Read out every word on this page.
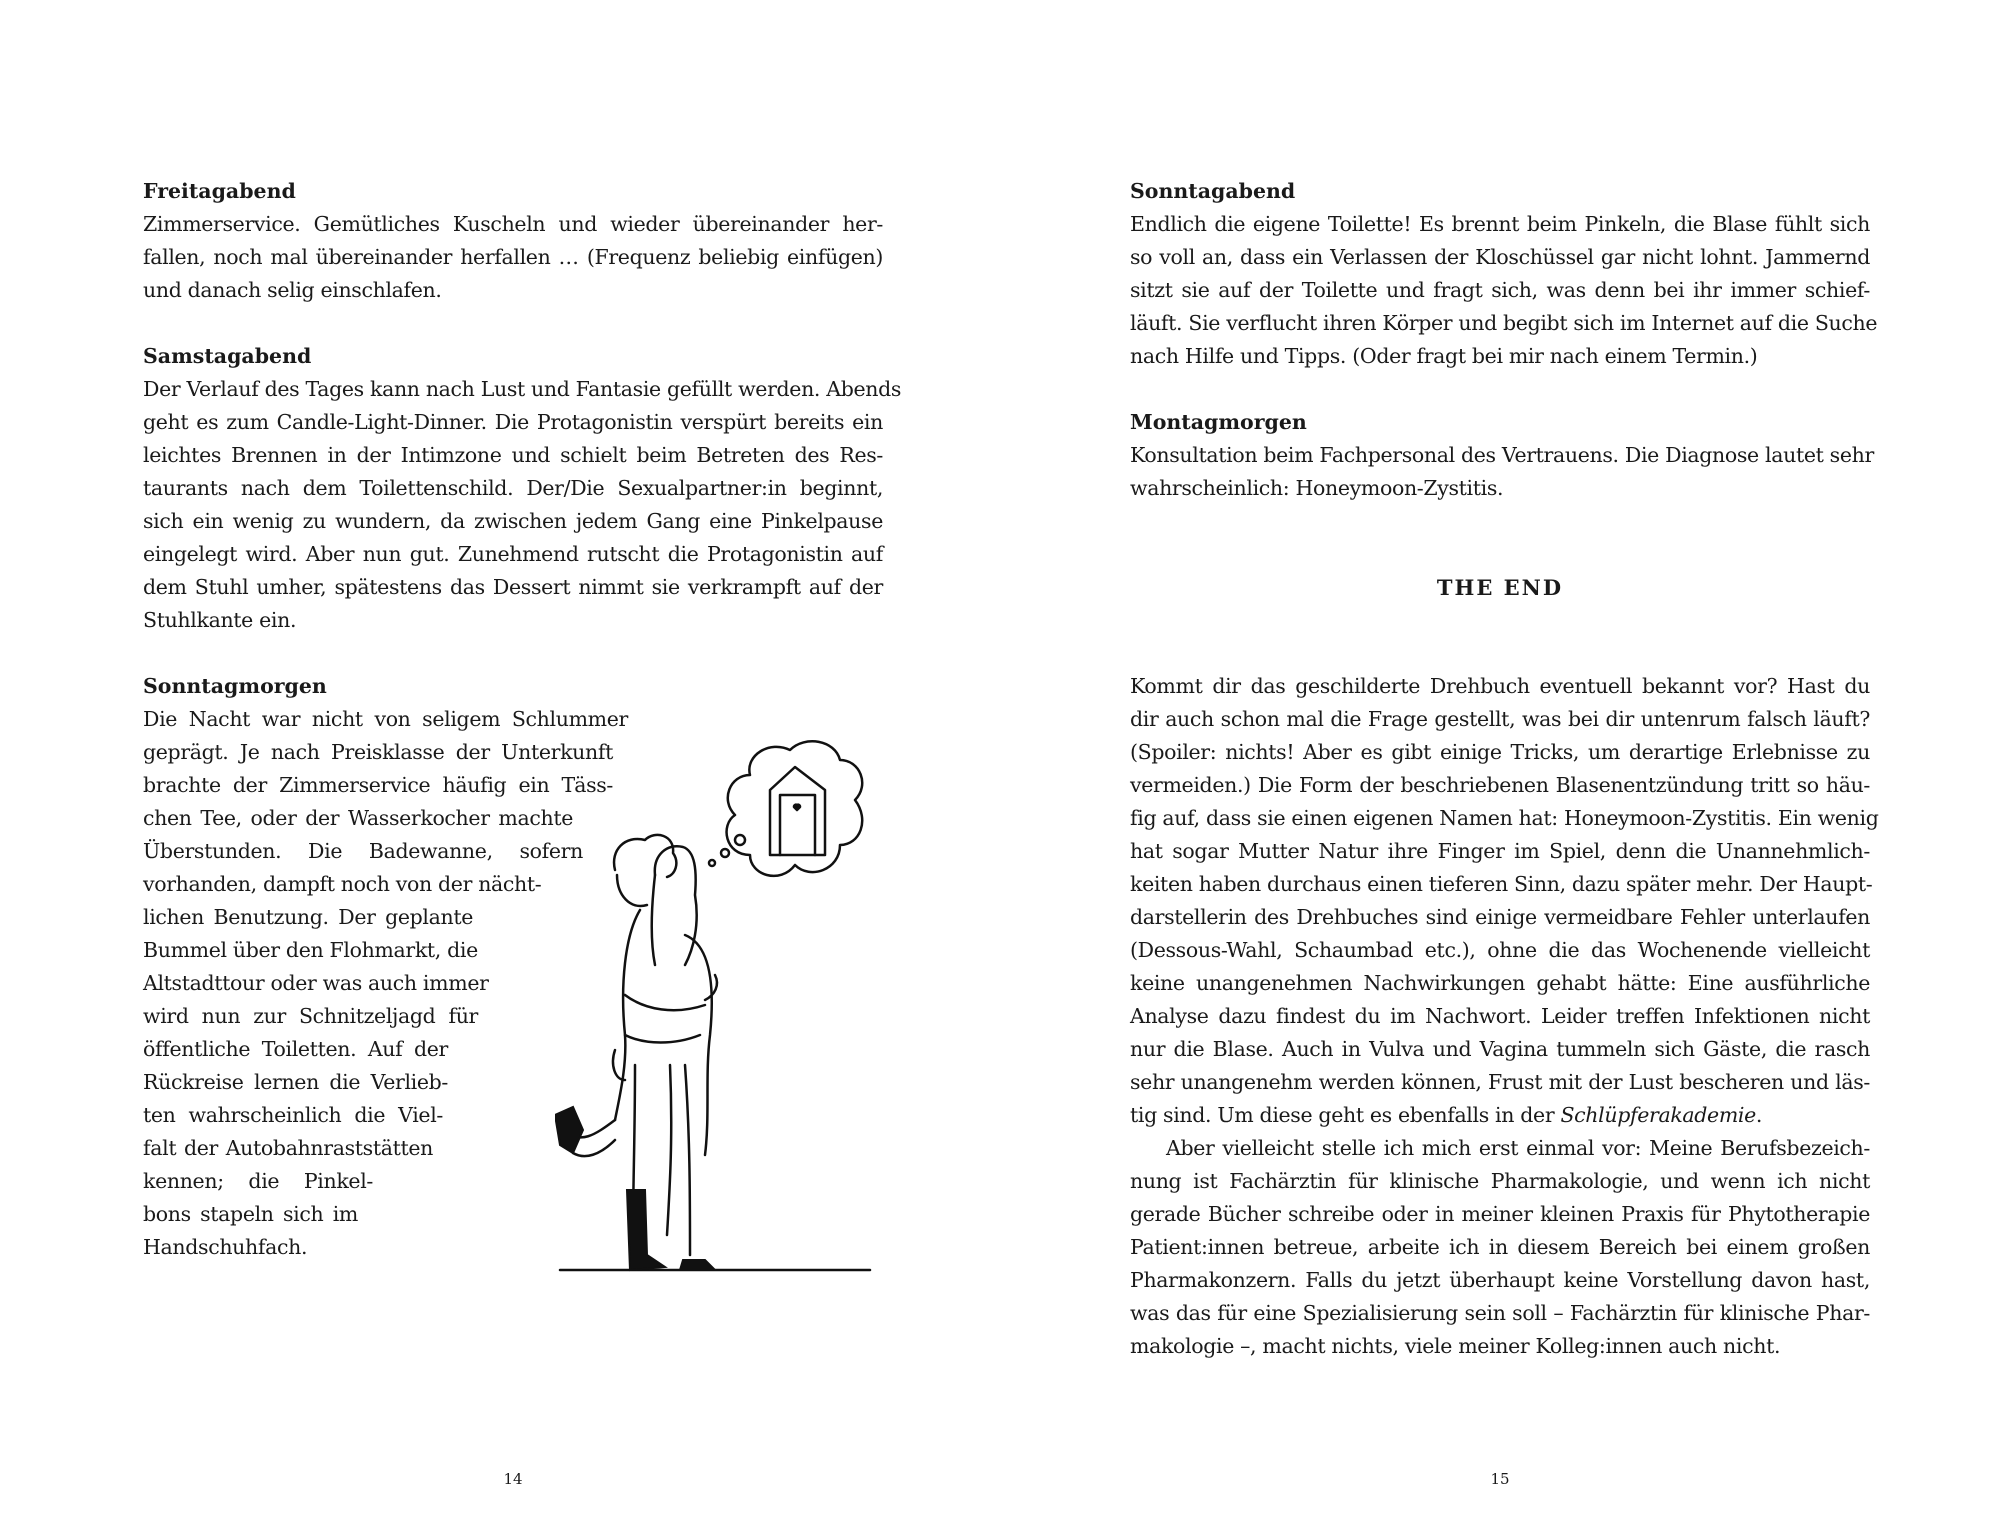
Freitagabend
Zimmerservice. Gemütliches Kuscheln und wieder übereinander her-
fallen, noch mal übereinander herfallen … (Frequenz beliebig einfügen)
und danach selig einschlafen.
Samstagabend
Der Verlauf des Tages kann nach Lust und Fantasie gefüllt werden. Abends
geht es zum Candle-Light-Dinner. Die Protagonistin verspürt bereits ein
leichtes Brennen in der Intimzone und schielt beim Betreten des Res-
taurants nach dem Toilettenschild. Der/Die Sexualpartner:in beginnt,
sich ein wenig zu wundern, da zwischen jedem Gang eine Pinkelpause
eingelegt wird. Aber nun gut. Zunehmend rutscht die Protagonistin auf
dem Stuhl umher, spätestens das Dessert nimmt sie verkrampft auf der
Stuhlkante ein.
Sonntagmorgen
Die Nacht war nicht von seligem Schlummer
geprägt. Je nach Preisklasse der Unterkunft
brachte der Zimmerservice häufig ein Täss-
chen Tee, oder der Wasserkocher machte
Überstunden. Die Badewanne, sofern
vorhanden, dampft noch von der nächt-
lichen Benutzung. Der geplante
Bummel über den Flohmarkt, die
Altstadttour oder was auch immer
wird nun zur Schnitzeljagd für
öffentliche Toiletten. Auf der
Rückreise lernen die Verlieb-
ten wahrscheinlich die Viel-
falt der Autobahnraststätten
kennen; die Pinkel-
bons stapeln sich im
Handschuhfach.
14
Sonntagabend
Endlich die eigene Toilette! Es brennt beim Pinkeln, die Blase fühlt sich
so voll an, dass ein Verlassen der Kloschüssel gar nicht lohnt. Jammernd
sitzt sie auf der Toilette und fragt sich, was denn bei ihr immer schief-
läuft. Sie verflucht ihren Körper und begibt sich im Internet auf die Suche
nach Hilfe und Tipps. (Oder fragt bei mir nach einem Termin.)
Montagmorgen
Konsultation beim Fachpersonal des Vertrauens. Die Diagnose lautet sehr
wahrscheinlich: Honeymoon-Zystitis.
THE END
Kommt dir das geschilderte Drehbuch eventuell bekannt vor? Hast du
dir auch schon mal die Frage gestellt, was bei dir untenrum falsch läuft?
(Spoiler: nichts! Aber es gibt einige Tricks, um derartige Erlebnisse zu
vermeiden.) Die Form der beschriebenen Blasenentzündung tritt so häu-
fig auf, dass sie einen eigenen Namen hat: Honeymoon-Zystitis. Ein wenig
hat sogar Mutter Natur ihre Finger im Spiel, denn die Unannehmlich-
keiten haben durchaus einen tieferen Sinn, dazu später mehr. Der Haupt-
darstellerin des Drehbuches sind einige vermeidbare Fehler unterlaufen
(Dessous-Wahl, Schaumbad etc.), ohne die das Wochenende vielleicht
keine unangenehmen Nachwirkungen gehabt hätte: Eine ausführliche
Analyse dazu findest du im Nachwort. Leider treffen Infektionen nicht
nur die Blase. Auch in Vulva und Vagina tummeln sich Gäste, die rasch
sehr unangenehm werden können, Frust mit der Lust bescheren und läs-
tig sind. Um diese geht es ebenfalls in der Schlüpferakademie.
Aber vielleicht stelle ich mich erst einmal vor: Meine Berufsbezeich-
nung ist Fachärztin für klinische Pharmakologie, und wenn ich nicht
gerade Bücher schreibe oder in meiner kleinen Praxis für Phytotherapie
Patient:innen betreue, arbeite ich in diesem Bereich bei einem großen
Pharmakonzern. Falls du jetzt überhaupt keine Vorstellung davon hast,
was das für eine Spezialisierung sein soll – Fachärztin für klinische Phar-
makologie –, macht nichts, viele meiner Kolleg:innen auch nicht.
15
